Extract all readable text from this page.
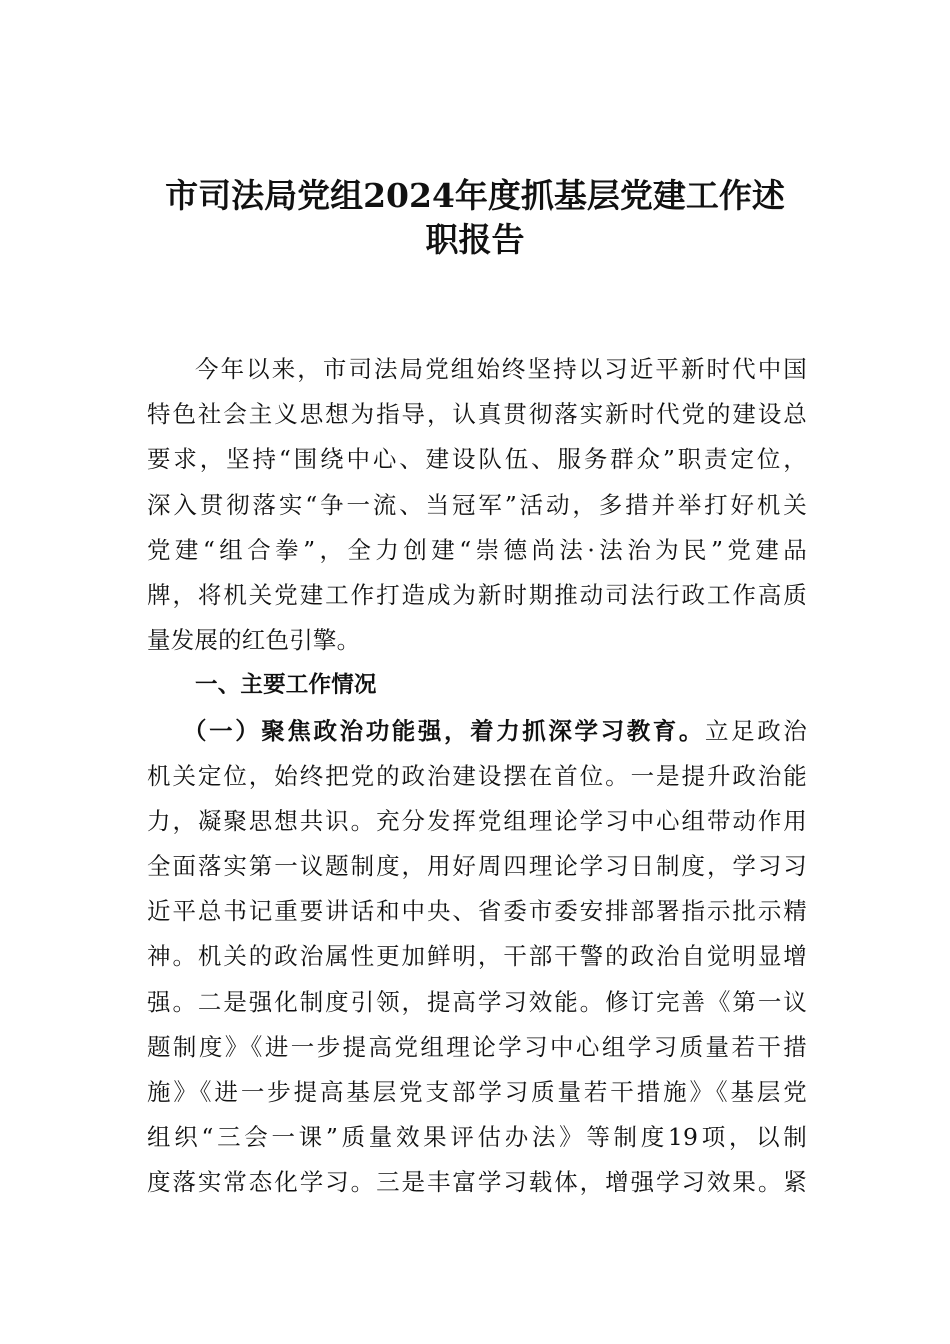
市司法局党组2024年度抓基层党建工作述
职报告
今年以来，市司法局党组始终坚持以习近平新时代中国
特色社会主义思想为指导，认真贯彻落实新时代党的建设总
要求，坚持“围绕中心、建设队伍、服务群众”职责定位，
深入贯彻落实“争一流、当冠军”活动，多措并举打好机关
党建“组合拳”，全力创建“崇德尚法·法治为民”党建品
牌，将机关党建工作打造成为新时期推动司法行政工作高质
量发展的红色引擎。
一、主要工作情况
（一）聚焦政治功能强，着力抓深学习教育。立足政治
机关定位，始终把党的政治建设摆在首位。一是提升政治能
力，凝聚思想共识。充分发挥党组理论学习中心组带动作用
全面落实第一议题制度，用好周四理论学习日制度，学习习
近平总书记重要讲话和中央、省委市委安排部署指示批示精
神。机关的政治属性更加鲜明，干部干警的政治自觉明显增
强。二是强化制度引领，提高学习效能。修订完善《第一议
题制度》《进一步提高党组理论学习中心组学习质量若干措
施》《进一步提高基层党支部学习质量若干措施》《基层党
组织“三会一课”质量效果评估办法》等制度19项，以制
度落实常态化学习。三是丰富学习载体，增强学习效果。紧
